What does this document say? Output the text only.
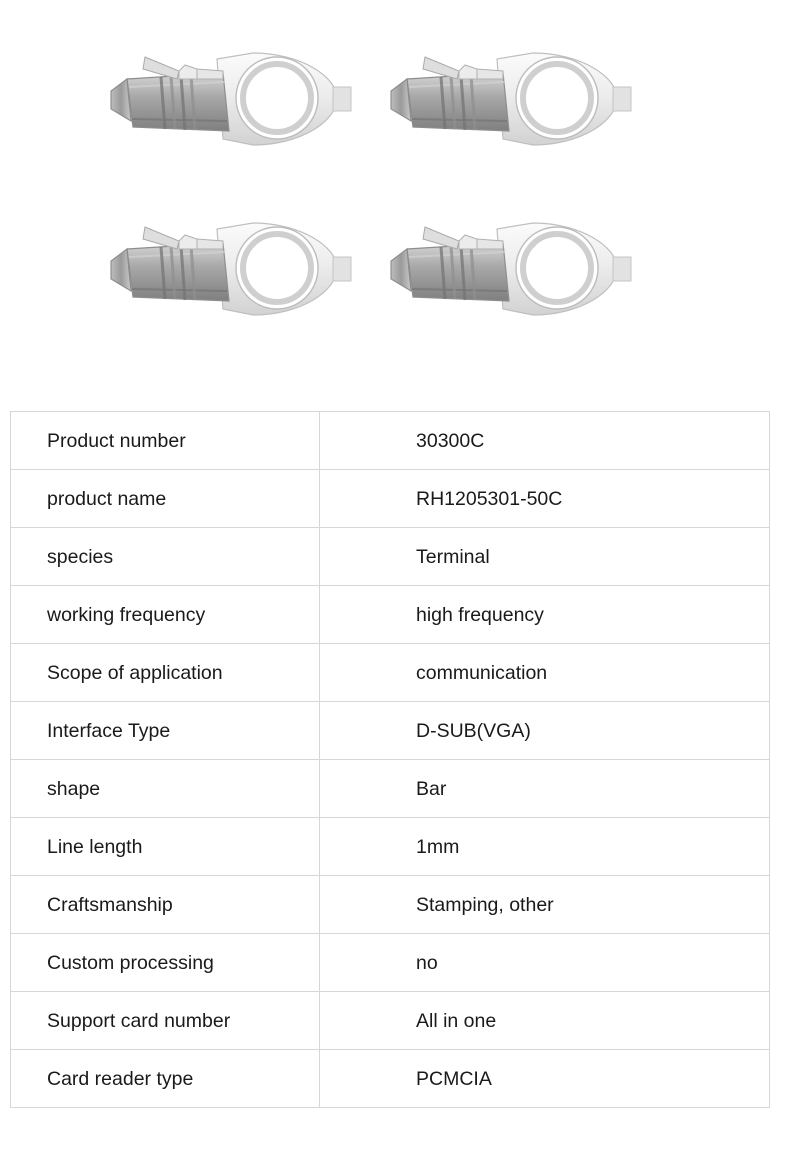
Product number	30300C
product name	RH1205301-50C
species	Terminal
working frequency	high frequency
Scope of application	communication
Interface Type	D-SUB(VGA)
shape	Bar
Line length	1mm
Craftsmanship	Stamping, other
Custom processing	no
Support card number	All in one
Card reader type	PCMCIA
